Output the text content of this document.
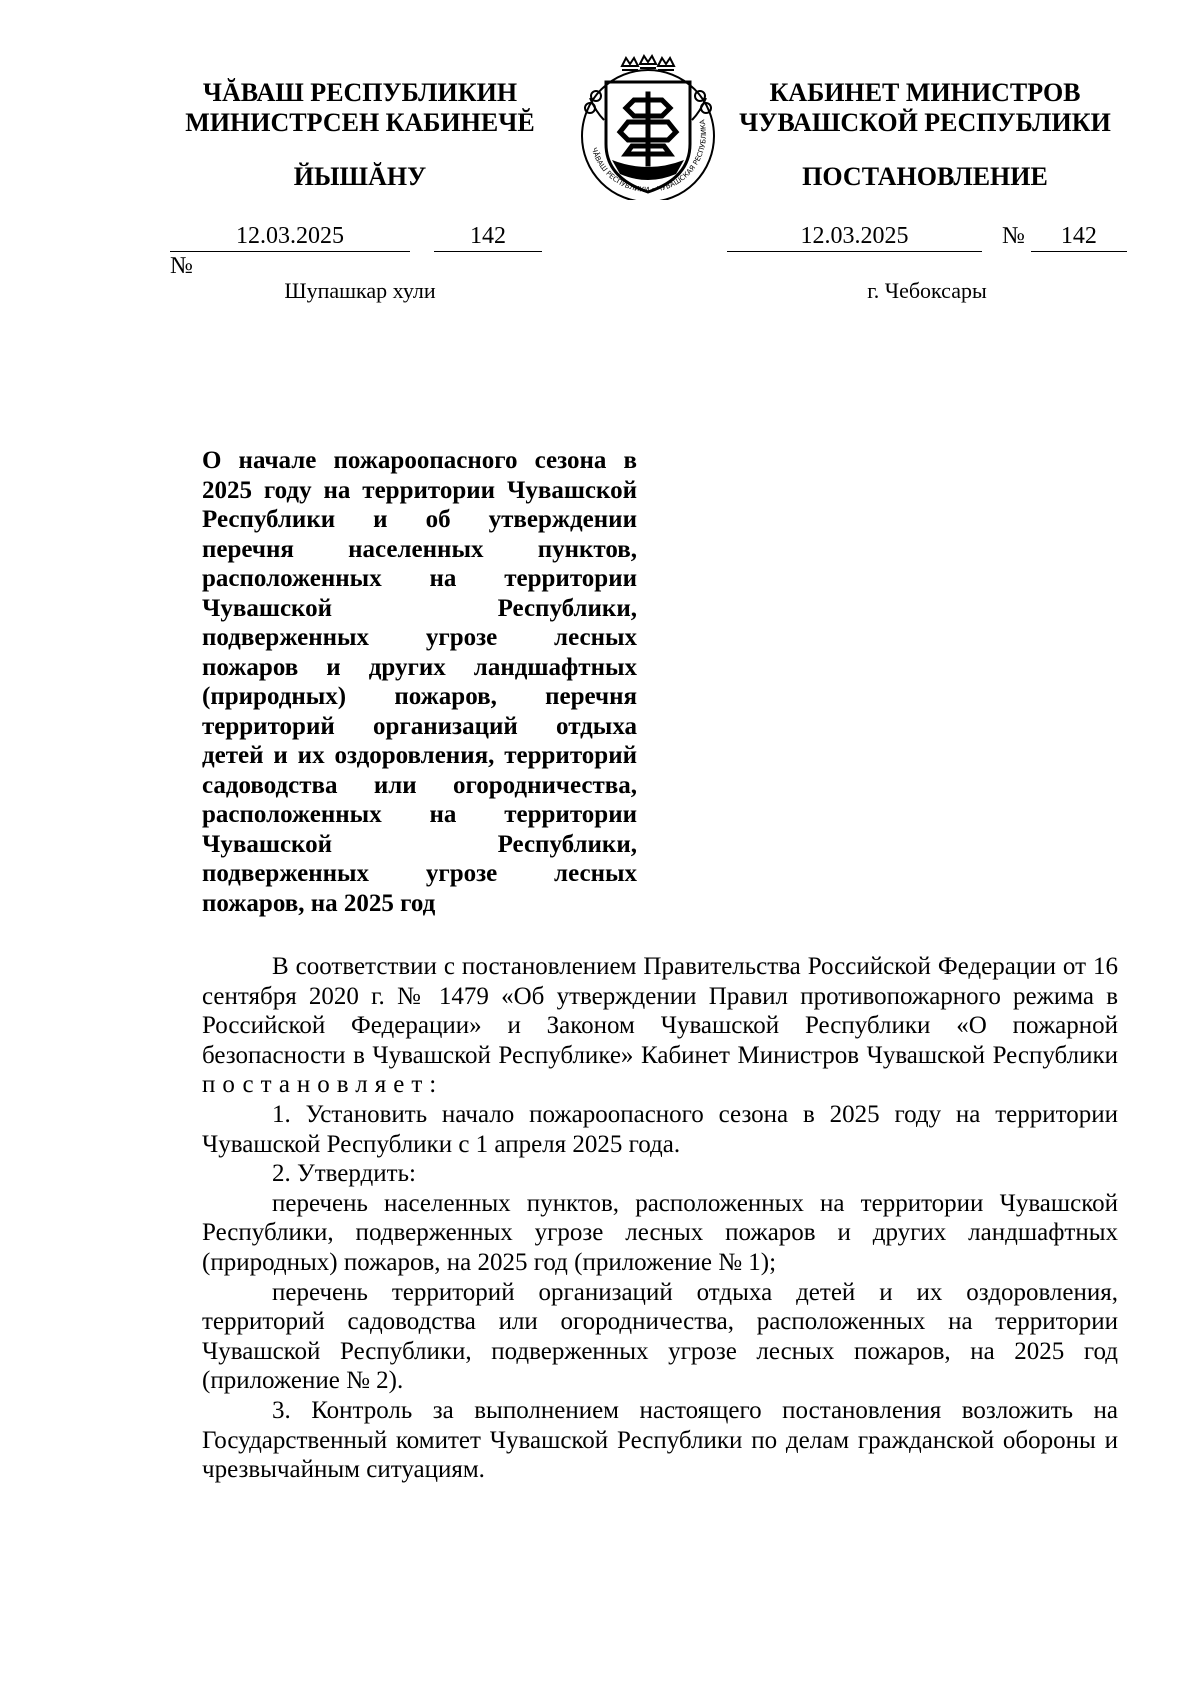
ЧĂВАШ РЕСПУБЛИКИН
МИНИСТРСЕН КАБИНЕЧĔ
ЙЫШĂНУ
ЧĂВАШ РЕСПУБЛИКИ • ЧУВАШСКАЯ РЕСПУБЛИКА
КАБИНЕТ МИНИСТРОВ
ЧУВАШСКОЙ РЕСПУБЛИКИ
ПОСТАНОВЛЕНИЕ
12.03.2025	142 №
12.03.2025	№ 142
Шупашкар хули	г. Чебоксары

О начале пожароопасного сезона в 2025 году на территории Чувашской Республики и об утверждении перечня населенных пунктов, расположенных на территории Чувашской Республики, подверженных угрозе лесных пожаров и других ландшафтных (природных) пожаров, перечня территорий организаций отдыха детей и их оздоровления, территорий садоводства или огородничества, расположенных на территории Чувашской Республики, подверженных угрозе лесных пожаров, на 2025 год

В соответствии с постановлением Правительства Российской Федерации от 16 сентября 2020 г. № 1479 «Об утверждении Правил противопожарного режима в Российской Федерации» и Законом Чувашской Республики «О пожарной безопасности в Чувашской Республике» Кабинет Министров Чувашской Республики постановляет:

1. Установить начало пожароопасного сезона в 2025 году на территории Чувашской Республики с 1 апреля 2025 года.

2. Утвердить:

перечень населенных пунктов, расположенных на территории Чувашской Республики, подверженных угрозе лесных пожаров и других ландшафтных (природных) пожаров, на 2025 год (приложение № 1);

перечень территорий организаций отдыха детей и их оздоровления, территорий садоводства или огородничества, расположенных на территории Чувашской Республики, подверженных угрозе лесных пожаров, на 2025 год (приложение № 2).

3. Контроль за выполнением настоящего постановления возложить на Государственный комитет Чувашской Республики по делам гражданской обороны и чрезвычайным ситуациям.
